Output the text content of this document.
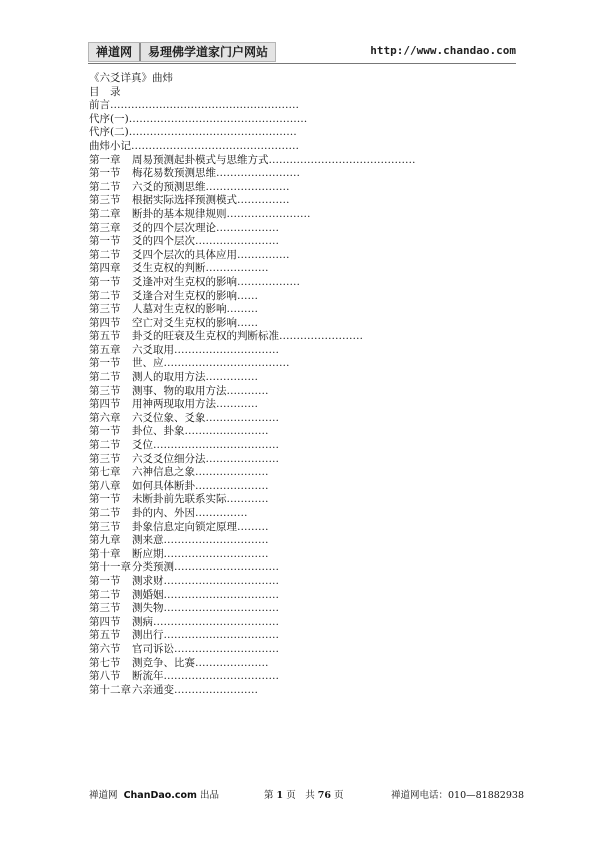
禅道网	易理佛学道家门户网站	http://www.chandao.com
《六爻详真》曲炜
目　录
前言………………………………………………
代序(一)……………………………………………
代序(二)…………………………………………
曲炜小记…………………………………………
第一章 周易预测起卦模式与思维方式……………………………………
第一节 梅花易数预测思维……………………
第二节 六爻的预测思维……………………
第三节 根据实际选择预测模式……………
第二章 断卦的基本规律规则……………………
第三章 爻的四个层次理论………………
第一节 爻的四个层次……………………
第二节 爻四个层次的具体应用……………
第四章 爻生克权的判断………………
第一节 爻逢冲对生克权的影响………………
第二节 爻逢合对生克权的影响……
第三节 人墓对生克权的影响………
第四节 空亡对爻生克权的影响……
第五节 卦爻的旺衰及生克权的判断标准……………………
第五章 六爻取用…………………………
第一节 世、应………………………………
第二节 测人的取用方法……………
第三节 测事、物的取用方法…………
第四节 用神两现取用方法…………
第六章 六爻位象、爻象…………………
第一节 卦位、卦象……………………
第二节 爻位………………………………
第三节 六爻爻位细分法…………………
第七章 六神信息之象…………………
第八章 如何具体断卦…………………
第一节 未断卦前先联系实际…………
第二节 卦的内、外因……………
第三节 卦象信息定向锁定原理………
第九章 测来意…………………………
第十章 断应期…………………………
第十一章分类预测…………………………
第一节 测求财……………………………
第二节 测婚姻……………………………
第三节 测失物……………………………
第四节 测病………………………………
第五节 测出行……………………………
第六节 官司诉讼…………………………
第七节 测竞争、比赛…………………
第八节 断流年……………………………
第十二章六亲通变……………………
禅道网 ChanDao.com 出品	第 1 页　共 76 页	禅道网电话：010—81882938
